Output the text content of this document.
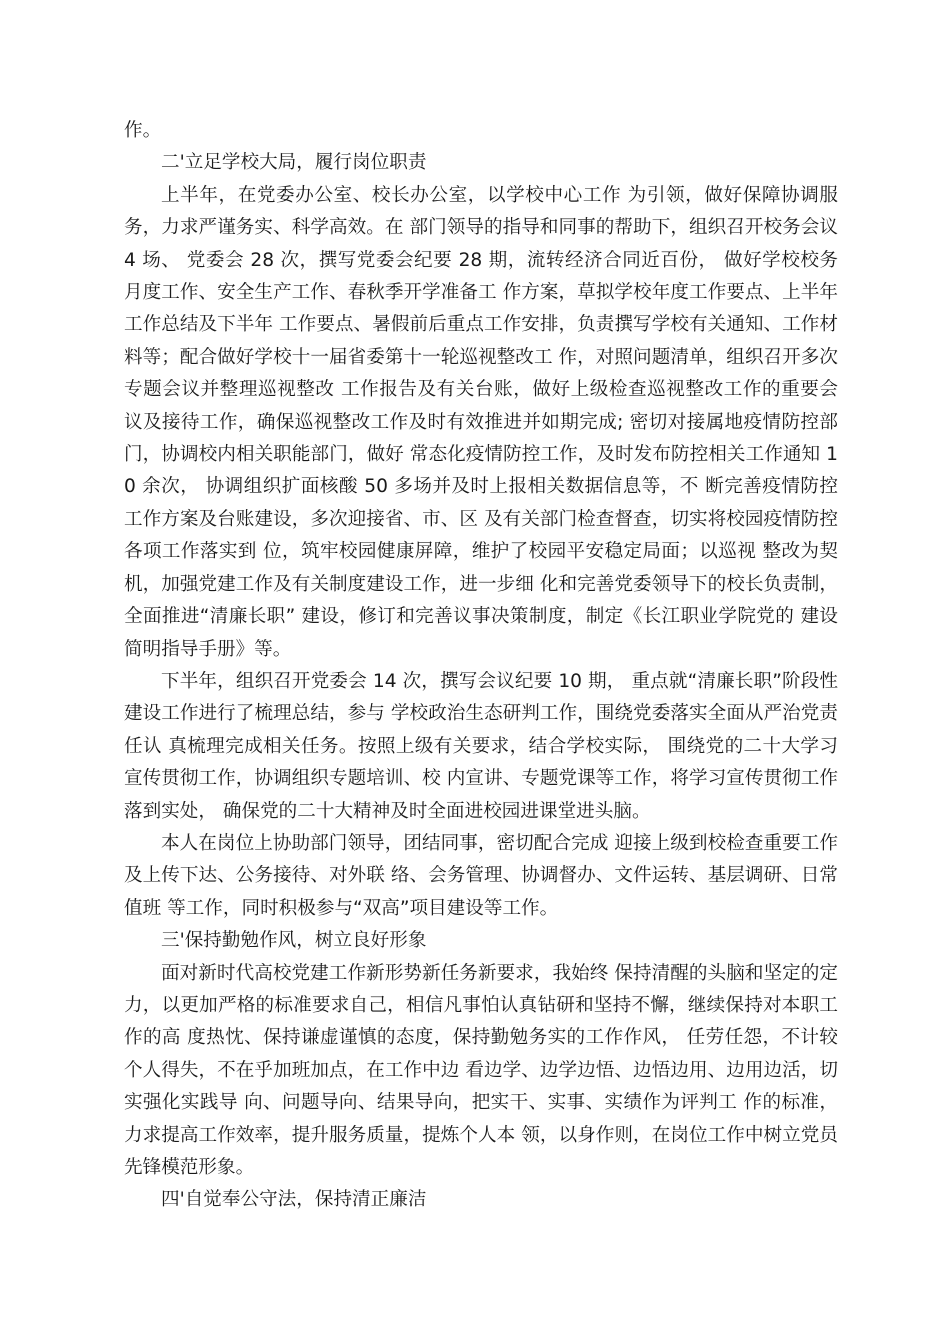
作。

二'立足学校大局，履行岗位职责

上半年，在党委办公室、校长办公室，以学校中心工作 为引领，做好保障协调服务，力求严谨务实、科学高效。在 部门领导的指导和同事的帮助下，组织召开校务会议 4 场、 党委会 28 次，撰写党委会纪要 28 期，流转经济合同近百份， 做好学校校务月度工作、安全生产工作、春秋季开学准备工 作方案，草拟学校年度工作要点、上半年工作总结及下半年 工作要点、暑假前后重点工作安排，负责撰写学校有关通知、工作材料等；配合做好学校十一届省委第十一轮巡视整改工 作，对照问题清单，组织召开多次专题会议并整理巡视整改 工作报告及有关台账，做好上级检查巡视整改工作的重要会 议及接待工作，确保巡视整改工作及时有效推进并如期完成; 密切对接属地疫情防控部门，协调校内相关职能部门，做好 常态化疫情防控工作，及时发布防控相关工作通知 10 余次， 协调组织扩面核酸 50 多场并及时上报相关数据信息等，不 断完善疫情防控工作方案及台账建设，多次迎接省、市、区 及有关部门检查督查，切实将校园疫情防控各项工作落实到 位，筑牢校园健康屏障，维护了校园平安稳定局面；以巡视 整改为契机，加强党建工作及有关制度建设工作，进一步细 化和完善党委领导下的校长负责制，全面推进“清廉长职” 建设，修订和完善议事决策制度，制定《长江职业学院党的 建设简明指导手册》等。

下半年，组织召开党委会 14 次，撰写会议纪要 10 期， 重点就“清廉长职”阶段性建设工作进行了梳理总结，参与 学校政治生态研判工作，围绕党委落实全面从严治党责任认 真梳理完成相关任务。按照上级有关要求，结合学校实际， 围绕党的二十大学习宣传贯彻工作，协调组织专题培训、校 内宣讲、专题党课等工作，将学习宣传贯彻工作落到实处， 确保党的二十大精神及时全面进校园进课堂进头脑。

本人在岗位上协助部门领导，团结同事，密切配合完成 迎接上级到校检查重要工作及上传下达、公务接待、对外联 络、会务管理、协调督办、文件运转、基层调研、日常值班 等工作，同时积极参与“双高”项目建设等工作。

三'保持勤勉作风，树立良好形象

面对新时代高校党建工作新形势新任务新要求，我始终 保持清醒的头脑和坚定的定力，以更加严格的标准要求自己，相信凡事怕认真钻研和坚持不懈，继续保持对本职工作的高 度热忱、保持谦虚谨慎的态度，保持勤勉务实的工作作风， 任劳任怨，不计较个人得失，不在乎加班加点，在工作中边 看边学、边学边悟、边悟边用、边用边活，切实强化实践导 向、问题导向、结果导向，把实干、实事、实绩作为评判工 作的标准，力求提高工作效率，提升服务质量，提炼个人本 领，以身作则，在岗位工作中树立党员先锋模范形象。

四'自觉奉公守法，保持清正廉洁
